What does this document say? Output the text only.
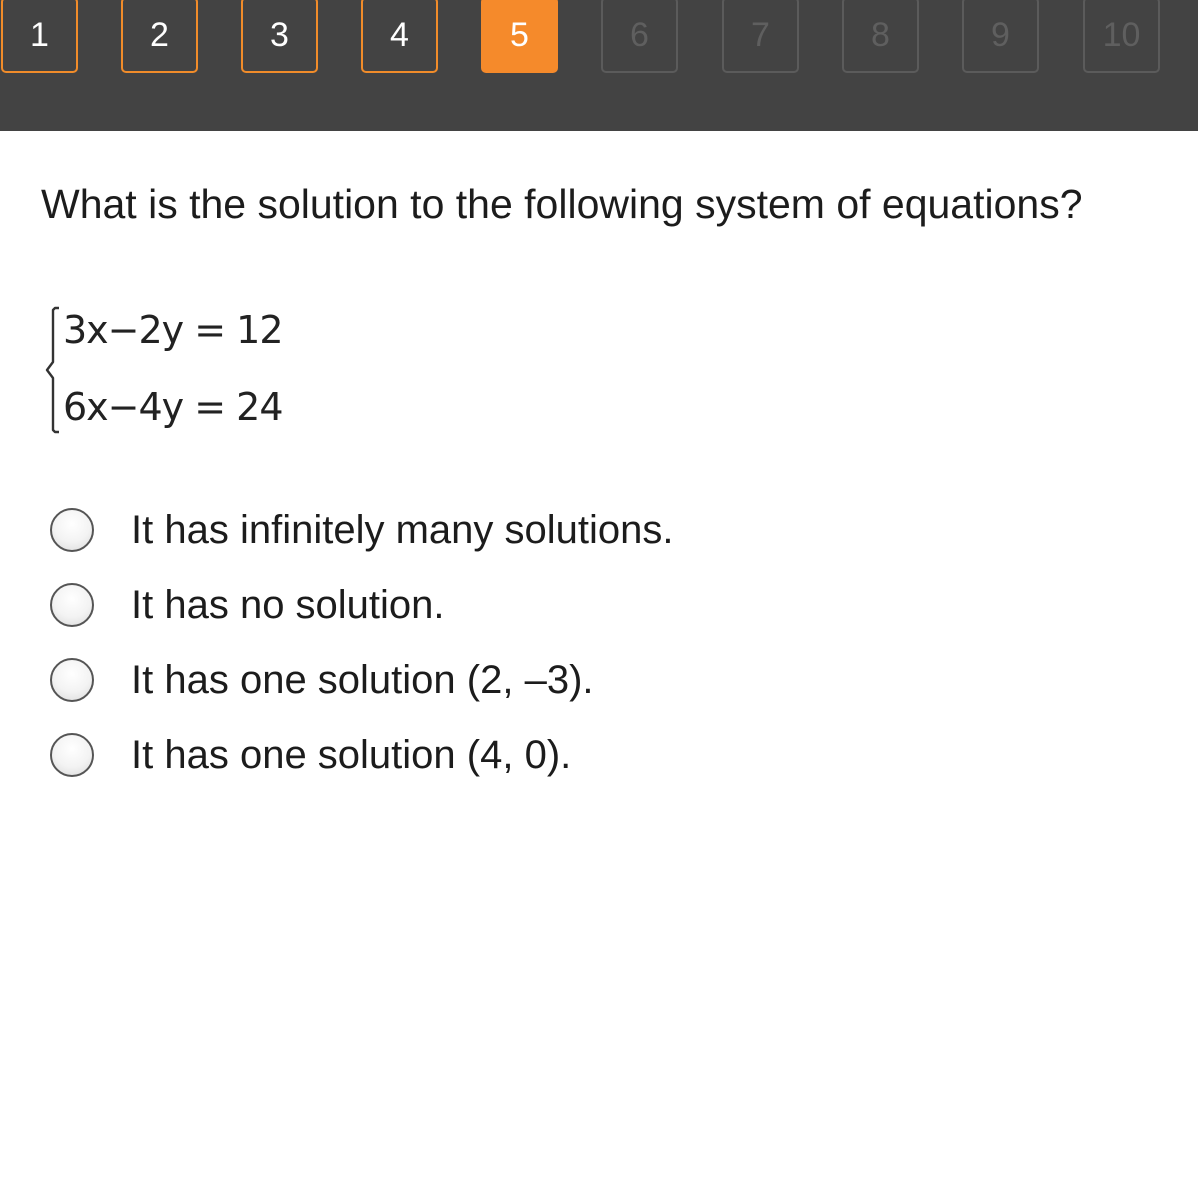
1	2	3	4	5	6	7	8	9	10
What is the solution to the following system of equations?
3x−2y = 12
6x−4y = 24
It has infinitely many solutions.
It has no solution.
It has one solution (2, –3).
It has one solution (4, 0).
